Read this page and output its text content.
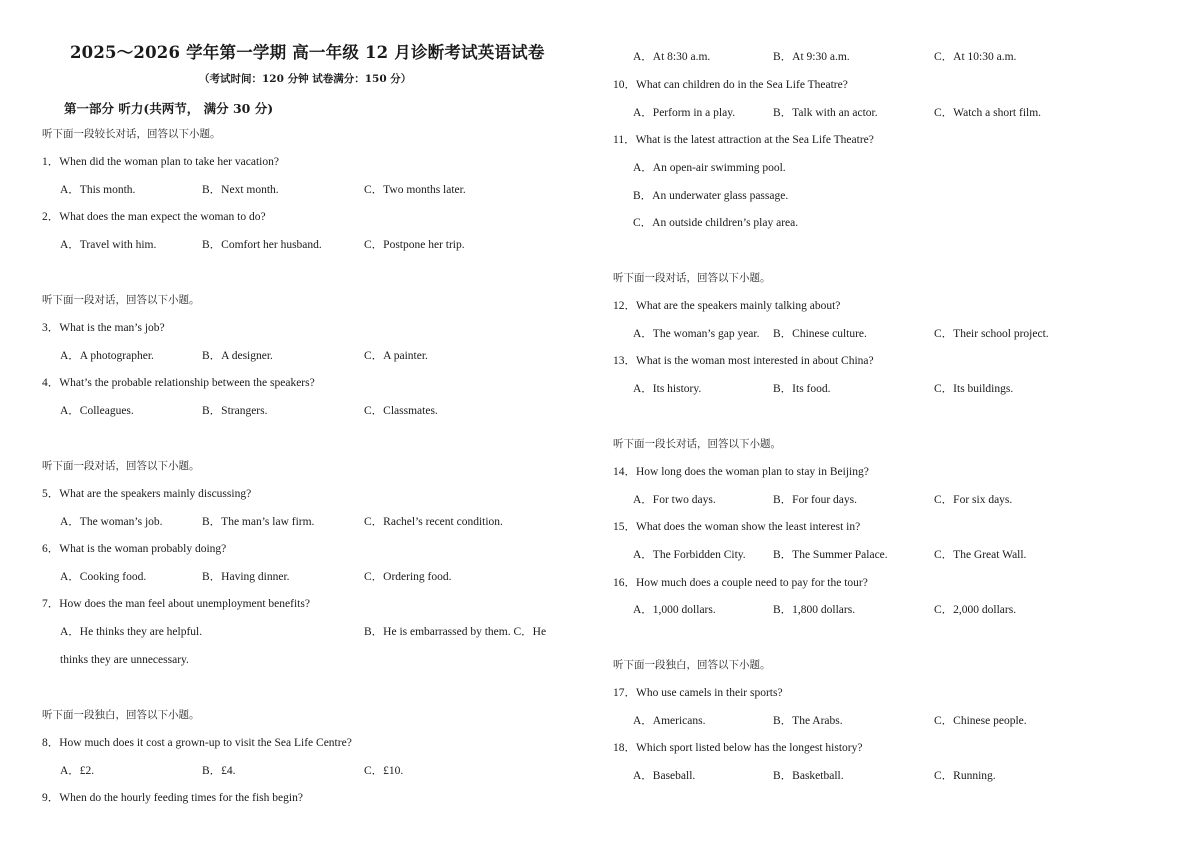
2025～2026 学年第一学期 高一年级 12 月诊断考试英语试卷
（考试时间：120 分钟 试卷满分：150 分）
第一部分 听力(共两节， 满分 30 分)
听下面一段较长对话，回答以下小题。
1．When did the woman plan to take her vacation?
A．This month.	B．Next month.	C．Two months later.
2．What does the man expect the woman to do?
A．Travel with him.	B．Comfort her husband.	C．Postpone her trip.
听下面一段对话，回答以下小题。
3．What is the man’s job?
A．A photographer.	B．A designer.	C．A painter.
4．What’s the probable relationship between the speakers?
A．Colleagues.	B．Strangers.	C．Classmates.
听下面一段对话，回答以下小题。
5．What are the speakers mainly discussing?
A．The woman’s job.	B．The man’s law firm.	C．Rachel’s recent condition.
6．What is the woman probably doing?
A．Cooking food.	B．Having dinner.	C．Ordering food.
7．How does the man feel about unemployment benefits?
A．He thinks they are helpful.	B．He is embarrassed by them. C．He
thinks they are unnecessary.
听下面一段独白，回答以下小题。
8．How much does it cost a grown-up to visit the Sea Life Centre?
A．£2.	B．£4.	C．£10.
9．When do the hourly feeding times for the fish begin?
A．At 8:30 a.m.	B．At 9:30 a.m.	C．At 10:30 a.m.
10．What can children do in the Sea Life Theatre?
A．Perform in a play.	B．Talk with an actor.	C．Watch a short film.
11．What is the latest attraction at the Sea Life Theatre?
A．An open-air swimming pool.
B．An underwater glass passage.
C．An outside children’s play area.
听下面一段对话，回答以下小题。
12．What are the speakers mainly talking about?
A．The woman’s gap year. B．Chinese culture.	C．Their school project.
13．What is the woman most interested in about China?
A．Its history.	B．Its food.	C．Its buildings.
听下面一段长对话，回答以下小题。
14．How long does the woman plan to stay in Beijing?
A．For two days.	B．For four days.	C．For six days.
15．What does the woman show the least interest in?
A．The Forbidden City. B．The Summer Palace.	C．The Great Wall.
16．How much does a couple need to pay for the tour?
A．1,000 dollars.	B．1,800 dollars.	C．2,000 dollars.
听下面一段独白，回答以下小题。
17．Who use camels in their sports?
A．Americans.	B．The Arabs.	C．Chinese people.
18．Which sport listed below has the longest history?
A．Baseball.	B．Basketball.	C．Running.
